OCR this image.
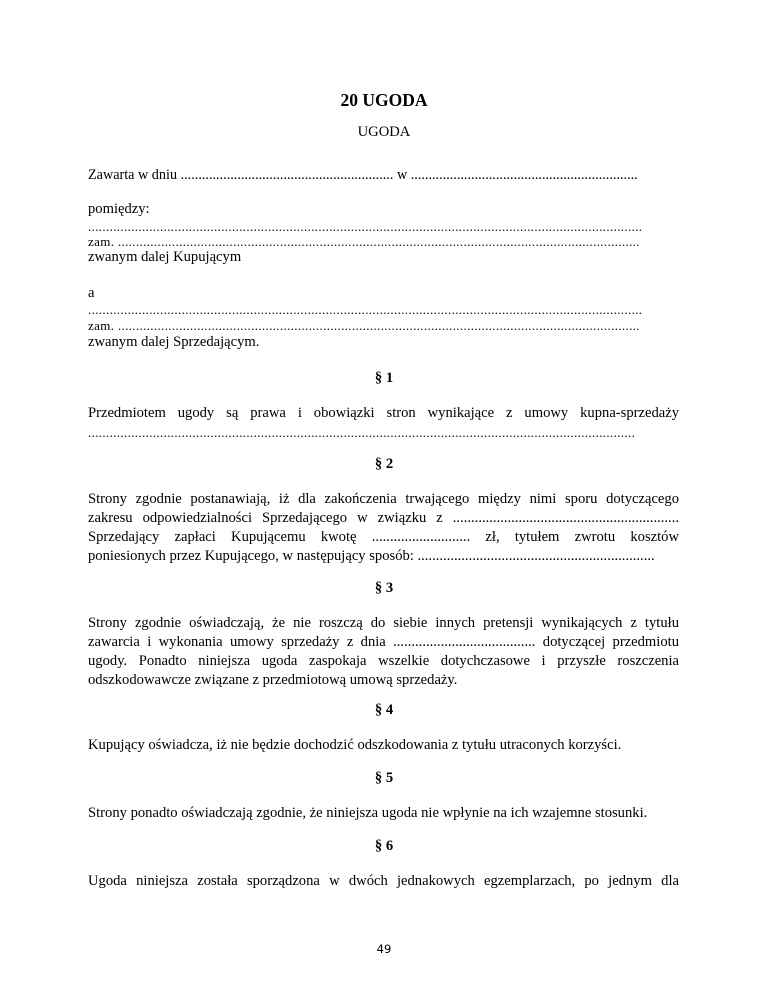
20 UGODA
UGODA
Zawarta w dniu ............................................................ w ................................................................
pomiędzy:
..........................................................................................................................................................
zam. .................................................................................................................................................
zwanym dalej Kupującym
a
..........................................................................................................................................................
zam. .................................................................................................................................................
zwanym dalej Sprzedającym.
§ 1
Przedmiotem ugody są prawa i obowiązki stron wynikające z umowy kupna-sprzedaży
........................................................................................................................................................
§ 2
Strony zgodnie postanawiają, iż dla zakończenia trwającego między nimi sporu dotyczącego
zakresu odpowiedzialności Sprzedającego w związku z ..............................................................
Sprzedający zapłaci Kupującemu kwotę ........................... zł, tytułem zwrotu kosztów
poniesionych przez Kupującego, w następujący sposób: .................................................................
§ 3
Strony zgodnie oświadczają, że nie roszczą do siebie innych pretensji wynikających z tytułu
zawarcia i wykonania umowy sprzedaży z dnia ....................................... dotyczącej przedmiotu
ugody. Ponadto niniejsza ugoda zaspokaja wszelkie dotychczasowe i przyszłe roszczenia
odszkodowawcze związane z przedmiotową umową sprzedaży.
§ 4
Kupujący oświadcza, iż nie będzie dochodzić odszkodowania z tytułu utraconych korzyści.
§ 5
Strony ponadto oświadczają zgodnie, że niniejsza ugoda nie wpłynie na ich wzajemne stosunki.
§ 6
Ugoda niniejsza została sporządzona w dwóch jednakowych egzemplarzach, po jednym dla
49
